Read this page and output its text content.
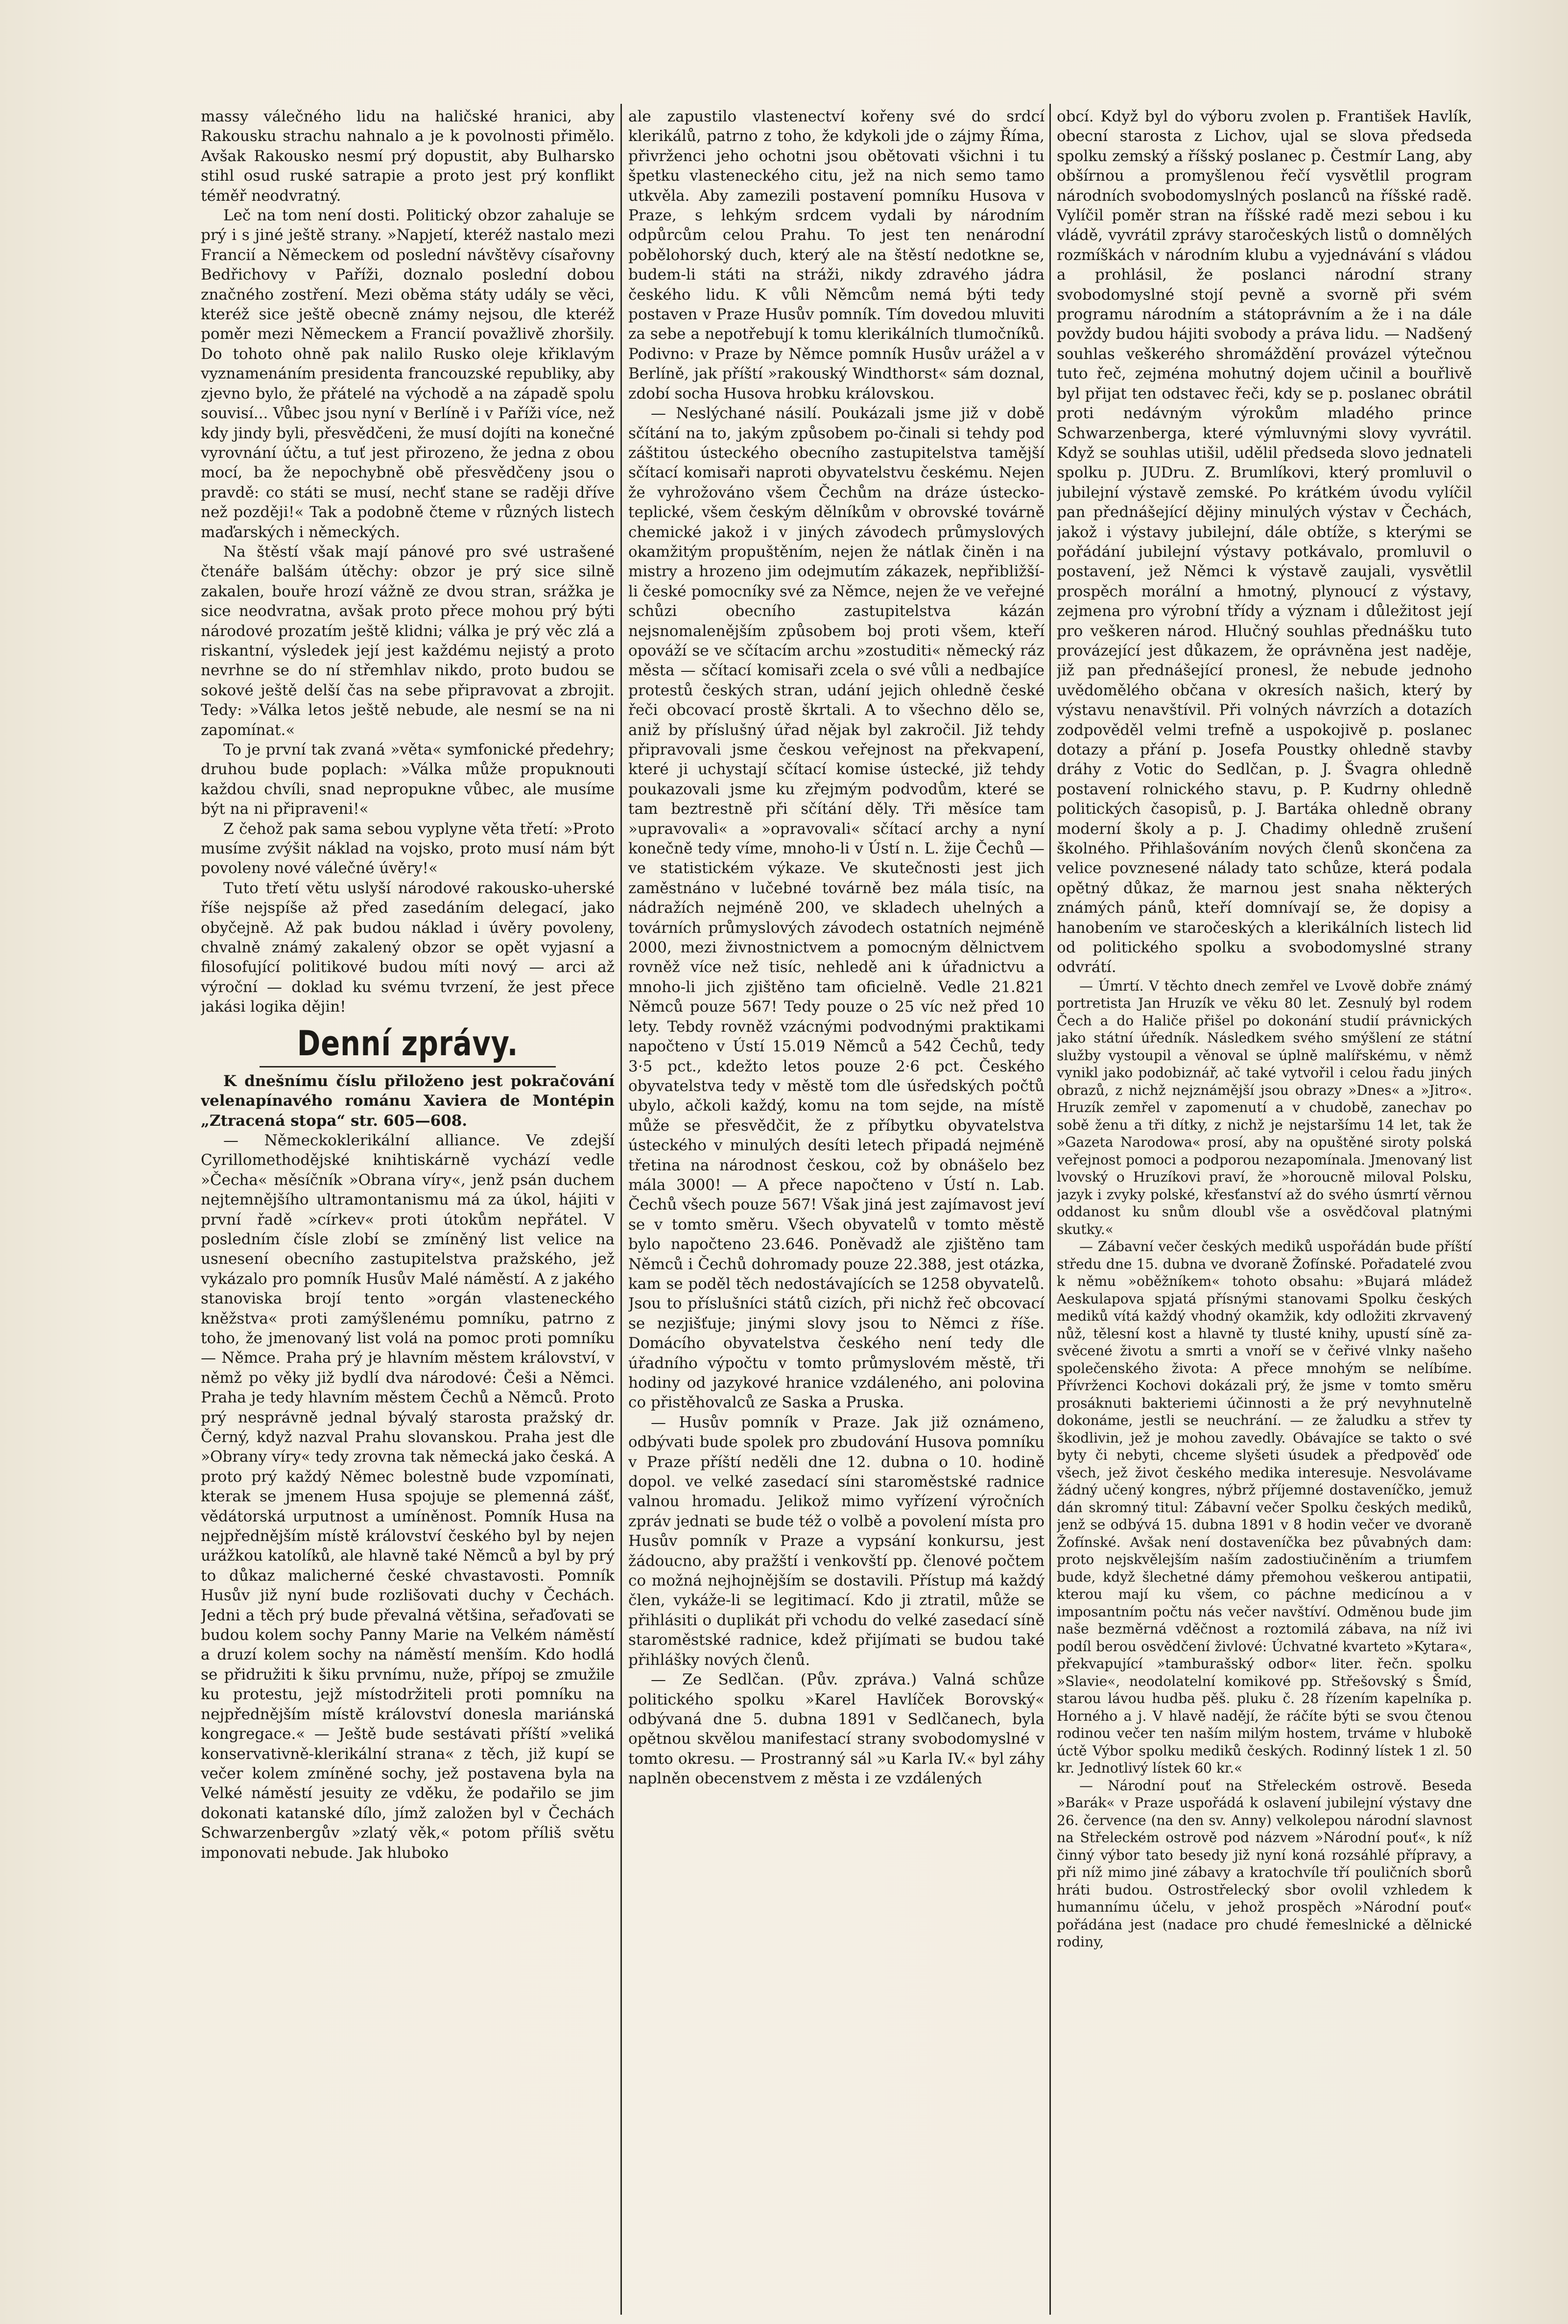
massy válečného lidu na haličské hranici, aby Rakousku strachu nahnalo a je k povolnosti přimělo. Avšak Rakousko nesmí prý dopustit, aby Bulharsko stihl osud ruské satrapie a proto jest prý konflikt téměř neodvratný.

Leč na tom není dosti. Politický obzor zahaluje se prý i s jiné ještě strany. »Napjetí, kteréž nastalo mezi Francií a Německem od poslední návštěvy císařovny Bedřichovy v Paříži, doznalo poslední dobou značného zostření. Mezi oběma státy udály se věci, kteréž sice ještě obecně známy nejsou, dle kteréž poměr mezi Německem a Francií považlivě zhoršily. Do tohoto ohně pak nalilo Rusko oleje křiklavým vyznamenáním presidenta francouzské republiky, aby zjevno bylo, že přátelé na východě a na západě spolu souvisí... Vůbec jsou nyní v Berlíně i v Paříži více, než kdy jindy byli, přesvědčeni, že musí dojíti na konečné vyrovnání účtu, a tuť jest přirozeno, že jedna z obou mocí, ba že nepochybně obě přesvědčeny jsou o pravdě: co státi se musí, nechť stane se raději dříve než později!« Tak a podobně čteme v různých listech maďarských i německých.

Na štěstí však mají pánové pro své ustrašené čtenáře balšám útěchy: obzor je prý sice silně zakalen, bouře hrozí vážně ze dvou stran, srážka je sice neodvratna, avšak proto přece mohou prý býti národové prozatím ještě klidni; válka je prý věc zlá a riskantní, výsledek její jest každému nejistý a proto nevrhne se do ní střemhlav nikdo, proto budou se sokové ještě delší čas na sebe připravovat a zbrojit. Tedy: »Válka letos ještě nebude, ale nesmí se na ni zapomínat.«

To je první tak zvaná »věta« symfonické předehry; druhou bude poplach: »Válka může propuknouti každou chvíli, snad nepropukne vůbec, ale musíme být na ni připraveni!«

Z čehož pak sama sebou vyplyne věta třetí: »Proto musíme zvýšit náklad na vojsko, proto musí nám být povoleny nové válečné úvěry!«

Tuto třetí větu uslyší národové rakousko-uherské říše nejspíše až před zasedáním delegací, jako obyčejně. Až pak budou náklad i úvěry povoleny, chvalně známý zakalený obzor se opět vyjasní a filosofující politikové budou míti nový — arci až výroční — doklad ku svému tvrzení, že jest přece jakási logika dějin!

Denní zprávy.

K dnešnímu číslu přiloženo jest pokračování velenapínavého románu Xaviera de Montépin „Ztracená stopa“ str. 605—608.

— Německoklerikální alliance. Ve zdejší Cyrillomethodějské knihtiskárně vychází vedle »Čecha« měsíčník »Obrana víry«, jenž psán duchem nejtemnějšího ultramontanismu má za úkol, hájiti v první řadě »církev« proti útokům nepřátel. V posledním čísle zlobí se zmíněný list velice na usnesení obecního zastupitelstva pražského, jež vykázalo pro pomník Husův Malé náměstí. A z jakého stanoviska brojí tento »orgán vlasteneckého kněžstva« proti zamýšlenému pomníku, patrno z toho, že jmenovaný list volá na pomoc proti pomníku — Němce. Praha prý je hlavním městem království, v němž po věky již bydlí dva národové: Češi a Němci. Praha je tedy hlavním městem Čechů a Němců. Proto prý nesprávně jednal bývalý starosta pražský dr. Černý, když nazval Prahu slovanskou. Praha jest dle »Obrany víry« tedy zrovna tak německá jako česká. A proto prý každý Němec bolestně bude vzpomínati, kterak se jmenem Husa spojuje se plemenná zášť, vědátorská urputnost a umíněnost. Pomník Husa na nejpřednějším místě království českého byl by nejen urážkou katolíků, ale hlavně také Němců a byl by prý to důkaz malicherné české chvastavosti. Pomník Husův již nyní bude rozlišovati duchy v Čechách. Jedni a těch prý bude převalná většina, seřaďovati se budou kolem sochy Panny Marie na Velkém náměstí a druzí kolem sochy na náměstí menším. Kdo hodlá se přidružiti k šiku prvnímu, nuže, přípoj se zmužile ku protestu, jejž místodržiteli proti pomníku na nejpřednějším místě království donesla mariánská kongregace.« — Ještě bude sestávati příští »veliká konservativně-klerikální strana« z těch, již kupí se večer kolem zmíněné sochy, jež postavena byla na Velké náměstí jesuity ze vděku, že podařilo se jim dokonati katanské dílo, jímž založen byl v Čechách Schwarzenbergův »zlatý věk,« potom příliš světu imponovati nebude. Jak hluboko

ale zapustilo vlastenectví kořeny své do srdcí klerikálů, patrno z toho, že kdykoli jde o zájmy Říma, přivrženci jeho ochotni jsou obětovati všichni i tu špetku vlasteneckého citu, jež na nich semo tamo utkvěla. Aby zamezili postavení pomníku Husova v Praze, s lehkým srdcem vydali by národním odpůrcům celou Prahu. To jest ten nenárodní pobělohorský duch, který ale na štěstí nedotkne se, budem-li státi na stráži, nikdy zdravého jádra českého lidu. K vůli Němcům nemá býti tedy postaven v Praze Husův pomník. Tím dovedou mluviti za sebe a nepotřebují k tomu klerikálních tlumočníků. Podivno: v Praze by Němce pomník Husův urážel a v Berlíně, jak příští »rakouský Windthorst« sám doznal, zdobí socha Husova hrobku královskou.

— Neslýchané násilí. Poukázali jsme již v době sčítání na to, jakým způsobem po-činali si tehdy pod záštitou ústeckého obecního zastupitelstva tamější sčítací komisaři naproti obyvatelstvu českému. Nejen že vyhrožováno všem Čechům na dráze ústecko-teplické, všem českým dělníkům v obrovské továrně chemické jakož i v jiných závodech průmyslových okamžitým propuštěním, nejen že nátlak činěn i na mistry a hrozeno jim odejmutím zákazek, nepřibližší-li české pomocníky své za Němce, nejen že ve veřejné schůzi obecního zastupitelstva kázán nejsnomalenějším způsobem boj proti všem, kteří opováží se ve sčítacím archu »zostuditi« německý ráz města — sčítací komisaři zcela o své vůli a nedbajíce protestů českých stran, udání jejich ohledně české řeči obcovací prostě škrtali. A to všechno dělo se, aniž by příslušný úřad nějak byl zakročil. Již tehdy připravovali jsme českou veřejnost na překvapení, které ji uchystají sčítací komise ústecké, již tehdy poukazovali jsme ku zřejmým podvodům, které se tam beztrestně při sčítání děly. Tři měsíce tam »upravovali« a »opravovali« sčítací archy a nyní konečně tedy víme, mnoho-li v Ústí n. L. žije Čechů — ve statistickém výkaze. Ve skutečnosti jest jich zaměstnáno v lučebné továrně bez mála tisíc, na nádražích nejméně 200, ve skladech uhelných a továrních průmyslových závodech ostatních nejméně 2000, mezi živnostnictvem a pomocným dělnictvem rovněž více než tisíc, nehledě ani k úřadnictvu a mnoho-li jich zjištěno tam oficielně. Vedle 21.821 Němců pouze 567! Tedy pouze o 25 víc než před 10 lety. Tebdy rovněž vzácnými podvodnými praktikami napočteno v Ústí 15.019 Němců a 542 Čechů, tedy 3·5 pct., kdežto letos pouze 2·6 pct. Českého obyvatelstva tedy v městě tom dle úsředských počtů ubylo, ačkoli každý, komu na tom sejde, na místě může se přesvědčit, že z příbytku obyvatelstva ústeckého v minulých desíti letech připadá nejméně třetina na národnost českou, což by obnášelo bez mála 3000! — A přece napočteno v Ústí n. Lab. Čechů všech pouze 567! Však jiná jest zajímavost jeví se v tomto směru. Všech obyvatelů v tomto městě bylo napočteno 23.646. Poněvadž ale zjištěno tam Němců i Čechů dohromady pouze 22.388, jest otázka, kam se poděl těch nedostávajících se 1258 obyvatelů. Jsou to příslušníci států cizích, při nichž řeč obcovací se nezjišťuje; jinými slovy jsou to Němci z říše. Domácího obyvatelstva českého není tedy dle úřadního výpočtu v tomto průmyslovém městě, tři hodiny od jazykové hranice vzdáleného, ani polovina co přistěhovalců ze Saska a Pruska.

— Husův pomník v Praze. Jak již oznámeno, odbývati bude spolek pro zbudování Husova pomníku v Praze příští neděli dne 12. dubna o 10. hodině dopol. ve velké zasedací síni staroměstské radnice valnou hromadu. Jelikož mimo vyřízení výročních zpráv jednati se bude též o volbě a povolení místa pro Husův pomník v Praze a vypsání konkursu, jest žádoucno, aby pražští i venkovští pp. členové počtem co možná nejhojnějším se dostavili. Přístup má každý člen, vykáže-li se legitimací. Kdo ji ztratil, může se přihlásiti o duplikát při vchodu do velké zasedací síně staroměstské radnice, kdež přijímati se budou také přihlášky nových členů.

— Ze Sedlčan. (Pův. zpráva.) Valná schůze politického spolku »Karel Havlíček Borovský« odbývaná dne 5. dubna 1891 v Sedlčanech, byla opětnou skvělou manifestací strany svobodomyslné v tomto okresu. — Prostranný sál »u Karla IV.« byl záhy naplněn obecenstvem z města i ze vzdálených

obcí. Když byl do výboru zvolen p. František Havlík, obecní starosta z Lichov, ujal se slova předseda spolku zemský a říšský poslanec p. Čestmír Lang, aby obšírnou a promyšlenou řečí vysvětlil program národních svobodomyslných poslanců na říšské radě. Vylíčil poměr stran na říšské radě mezi sebou i ku vládě, vyvrátil zprávy staročeských listů o domnělých rozmíškách v národním klubu a vyjednávání s vládou a prohlásil, že poslanci národní strany svobodomyslné stojí pevně a svorně při svém programu národním a státoprávním a že i na dále povždy budou hájiti svobody a práva lidu. — Nadšený souhlas veškerého shromáždění provázel výtečnou tuto řeč, zejména mohutný dojem učinil a bouřlivě byl přijat ten odstavec řeči, kdy se p. poslanec obrátil proti nedávným výrokům mladého prince Schwarzenberga, které výmluvnými slovy vyvrátil. Když se souhlas utišil, udělil předseda slovo jednateli spolku p. JUDru. Z. Brumlíkovi, který promluvil o jubilejní výstavě zemské. Po krátkém úvodu vylíčil pan přednášející dějiny minulých výstav v Čechách, jakož i výstavy jubilejní, dále obtíže, s kterými se pořádání jubilejní výstavy potkávalo, promluvil o postavení, jež Němci k výstavě zaujali, vysvětlil prospěch morální a hmotný, plynoucí z výstavy, zejmena pro výrobní třídy a význam i důležitost její pro veškeren národ. Hlučný souhlas přednášku tuto provázející jest důkazem, že oprávněna jest naděje, již pan přednášející pronesl, že nebude jednoho uvědomělého občana v okresích našich, který by výstavu nenavštívil. Při volných návrzích a dotazích zodpověděl velmi trefně a uspokojivě p. poslanec dotazy a přání p. Josefa Poustky ohledně stavby dráhy z Votic do Sedlčan, p. J. Švagra ohledně postavení rolnického stavu, p. P. Kudrny ohledně politických časopisů, p. J. Bartáka ohledně obrany moderní školy a p. J. Chadimy ohledně zrušení školného. Přihlašováním nových členů skončena za velice povznesené nálady tato schůze, která podala opětný důkaz, že marnou jest snaha některých známých pánů, kteří domnívají se, že dopisy a hanobením ve staročeských a klerikálních listech lid od politického spolku a svobodomyslné strany odvrátí.

— Úmrtí. V těchto dnech zemřel ve Lvově dobře známý portretista Jan Hruzík ve věku 80 let. Zesnulý byl rodem Čech a do Haliče přišel po dokonání studií právnických jako státní úředník. Následkem svého smýšlení ze státní služby vystoupil a věnoval se úplně malířskému, v němž vynikl jako podobiznář, ač také vytvořil i celou řadu jiných obrazů, z nichž nejznámější jsou obrazy »Dnes« a »Jitro«. Hruzík zemřel v zapomenutí a v chudobě, zanechav po sobě ženu a tři dítky, z nichž je nejstaršímu 14 let, tak že »Gazeta Narodowa« prosí, aby na opuštěné siroty polská veřejnost pomoci a podporou nezapomínala. Jmenovaný list lvovský o Hruzíkovi praví, že »horoucně miloval Polsku, jazyk i zvyky polské, křesťanství až do svého úsmrtí věrnou oddanost ku snům dloubl vše a osvědčoval platnými skutky.«

— Zábavní večer českých mediků uspořádán bude příští středu dne 15. dubna ve dvoraně Žofínské. Pořadatelé zvou k němu »oběžníkem« tohoto obsahu: »Bujará mládež Aeskulapova spjatá přísnými stanovami Spolku českých mediků vítá každý vhodný okamžik, kdy odložiti zkrvavený nůž, tělesní kost a hlavně ty tlusté knihy, upustí síně za-svěcené životu a smrti a vnoří se v čeřivé vlnky našeho společenského života: A přece mnohým se nelíbíme. Přívrženci Kochovi dokázali prý, že jsme v tomto směru prosáknuti bakteriemi účinnosti a že prý nevyhnutelně dokonáme, jestli se neuchrání. — ze žaludku a střev ty škodlivin, jež je mohou zavedly. Obávajíce se takto o své byty či nebyti, chceme slyšeti úsudek a předpověď ode všech, jež život českého medika interesuje. Nesvolávame žádný učený kongres, nýbrž příjemné dostaveníčko, jemuž dán skromný titul: Zábavní večer Spolku českých mediků, jenž se odbývá 15. dubna 1891 v 8 hodin večer ve dvoraně Žofínské. Avšak není dostaveníčka bez půvabných dam: proto nejskvělejším naším zadostiučiněním a triumfem bude, když šlechetné dámy přemohou veškerou antipatii, kterou mají ku všem, co páchne medicínou a v imposantním počtu nás večer navštíví. Odměnou bude jim naše bezměrná vděčnost a roztomilá zábava, na níž ivi podíl berou osvědčení živlové: Úchvatné kvarteto »Kytara«, překvapující »tamburašský odbor« liter. řečn. spolku »Slavie«, neodolatelní komikové pp. Střešovský s Šmíd, starou lávou hudba pěš. pluku č. 28 řízením kapelníka p. Horného a j. V hlavě nadějí, že ráčíte býti se svou čtenou rodinou večer ten naším milým hostem, trváme v hlubokě úctě Výbor spolku mediků českých. Rodinný lístek 1 zl. 50 kr. Jednotlivý lístek 60 kr.«

— Národní pouť na Střeleckém ostrově. Beseda »Barák« v Praze uspořádá k oslavení jubilejní výstavy dne 26. července (na den sv. Anny) velkolepou národní slavnost na Střeleckém ostrově pod názvem »Národní pouť«, k níž činný výbor tato besedy již nyní koná rozsáhlé přípravy, a při níž mimo jiné zábavy a kratochvíle tří pouličních sborů hráti budou. Ostrostřelecký sbor ovolil vzhledem k humannímu účelu, v jehož prospěch »Národní pouť« pořádána jest (nadace pro chudé řemeslnické a dělnické rodiny,
